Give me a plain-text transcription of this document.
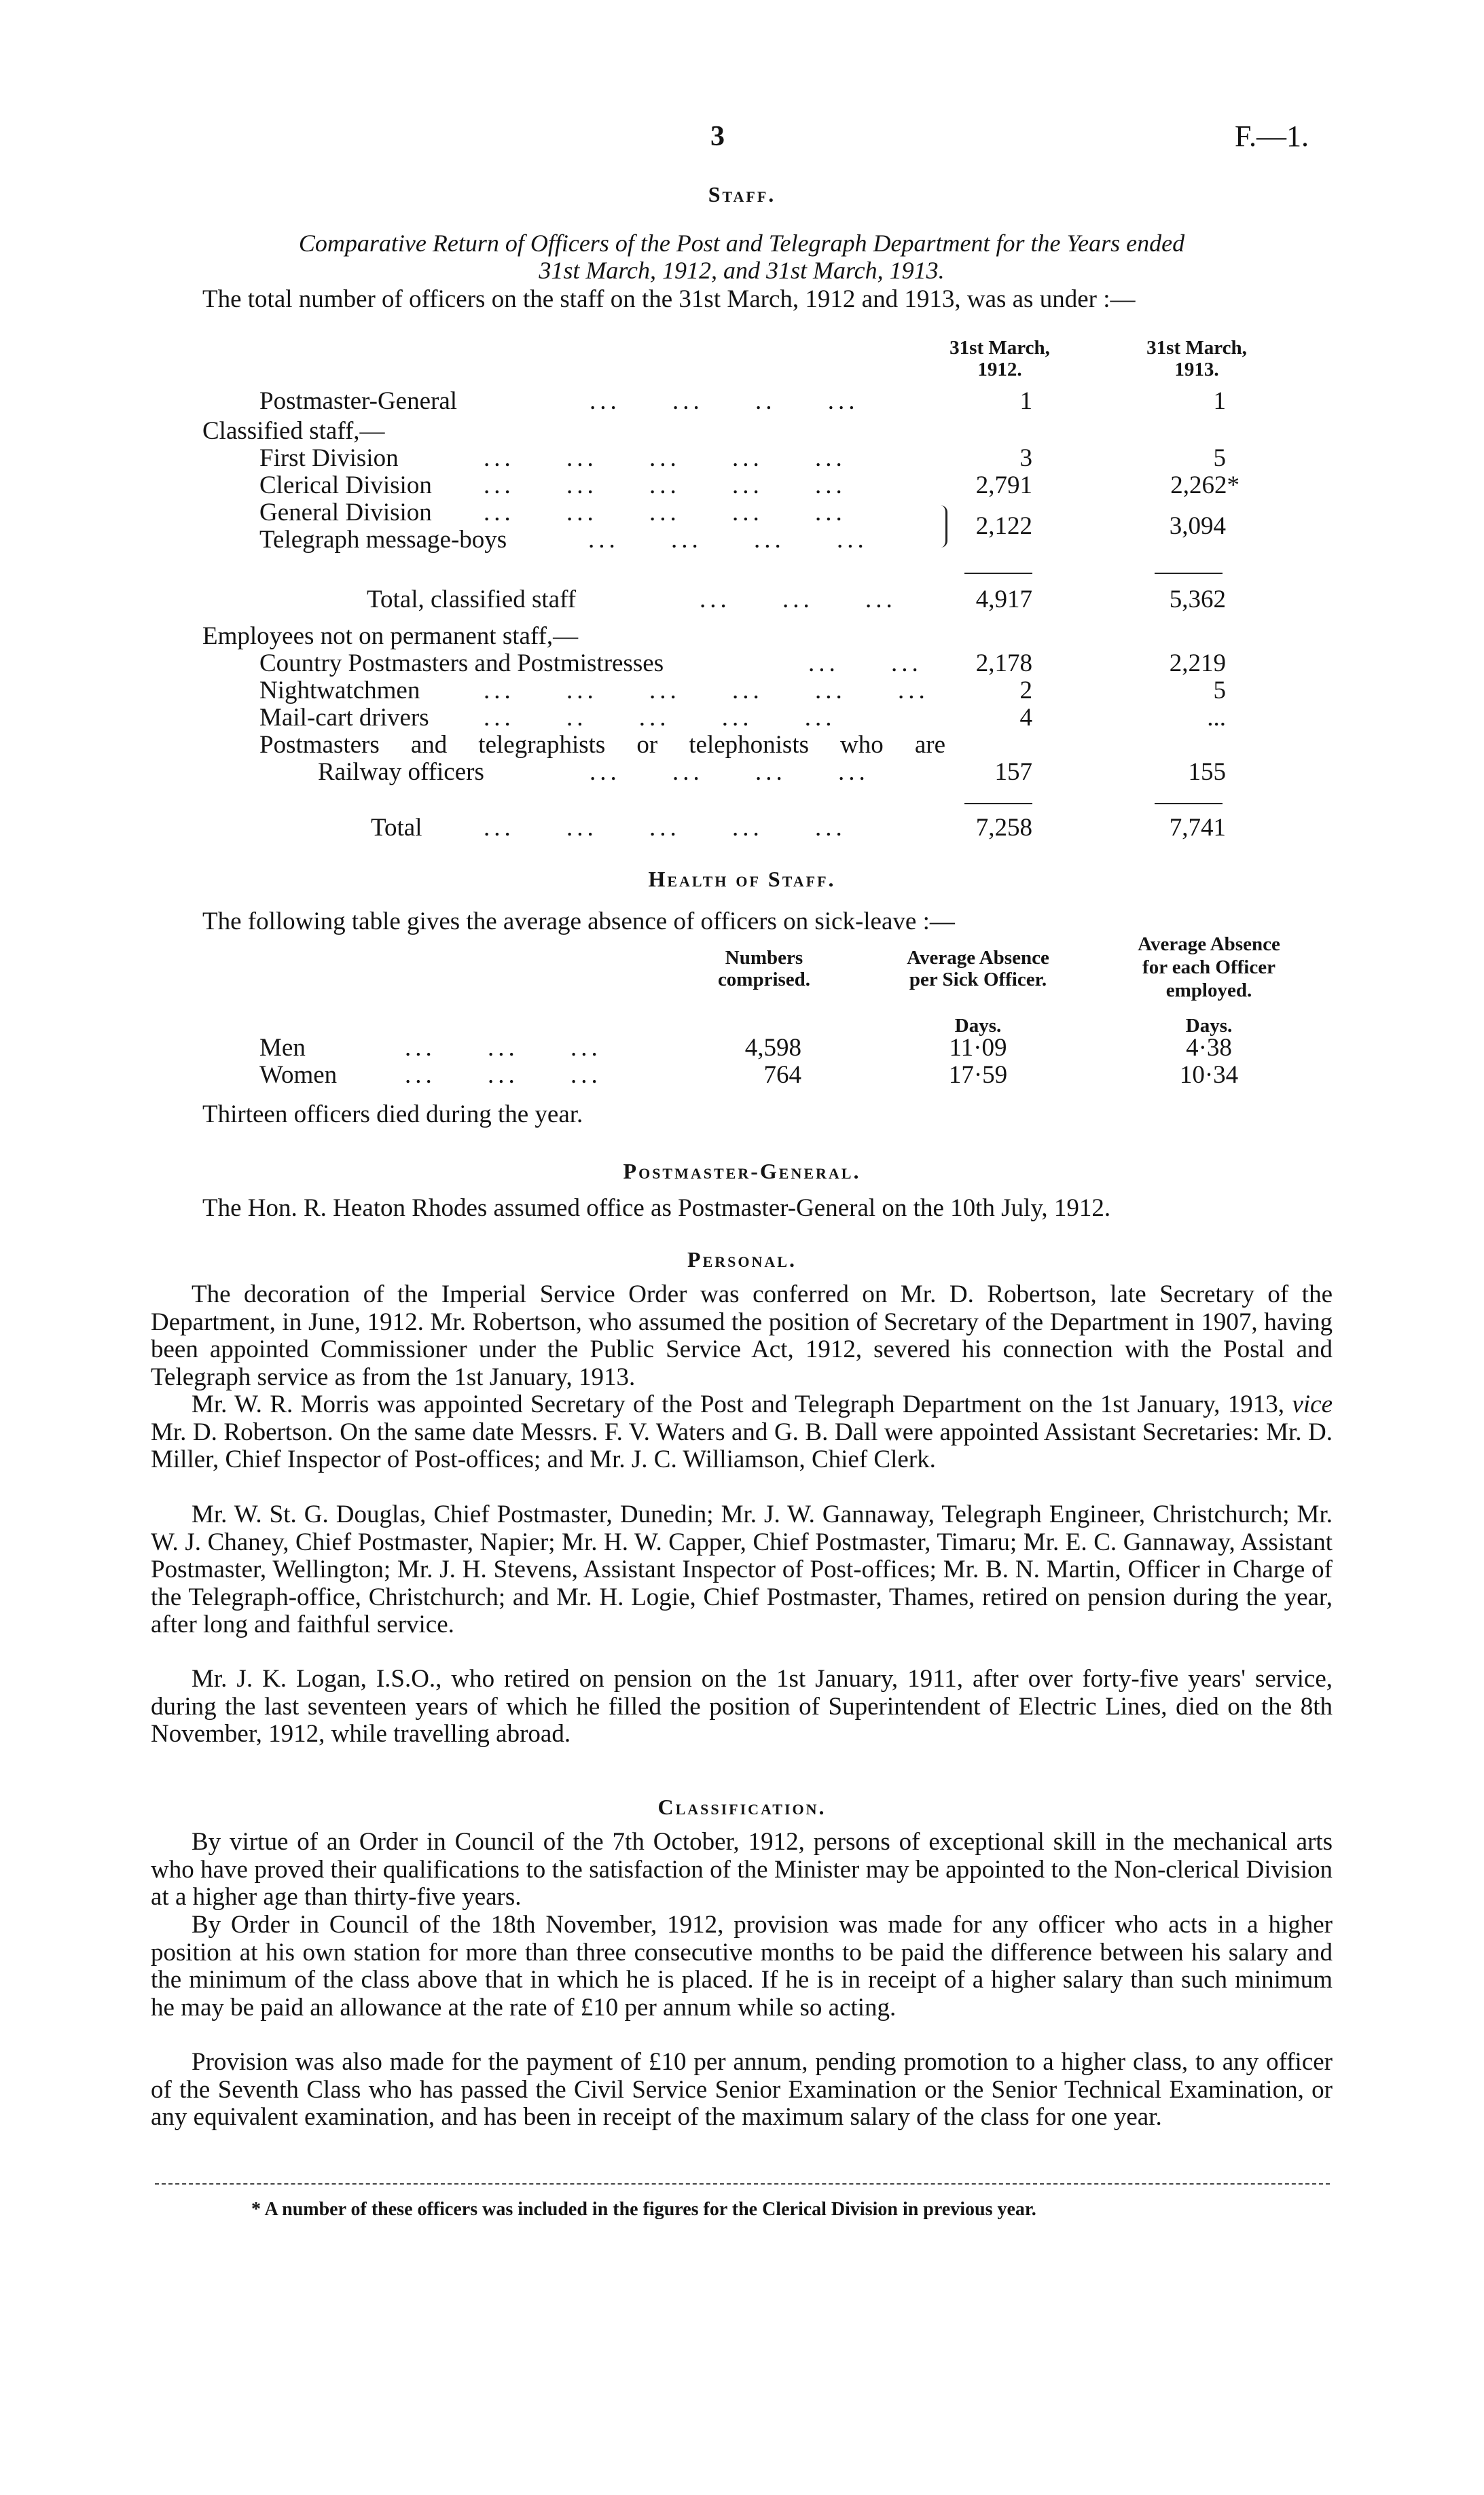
3	F.—1.
Staff.
Comparative Return of Officers of the Post and Telegraph Department for the Years ended
31st March, 1912, and 31st March, 1913.
The total number of officers on the staff on the 31st March, 1912 and 1913, was as under :—
31st March,
1912.
31st March,
1913.
Postmaster-General	...     ...     ..     ...	1	1
Classified staff,—
First Division	...     ...     ...     ...     ...	3	5
Clerical Division ...     ...     ...     ...     ...	2,791	2,262*
General Division ...     ...     ...     ...     ...	2,122	3,094
Telegraph message-boys	...     ...     ...     ...
Total, classified staff	...     ...     ...	4,917	5,362
Employees not on permanent staff,—
Country Postmasters and Postmistresses	...     ...	2,178	2,219
Nightwatchmen	...     ...     ...     ...     ...     ...	2	5
Mail-cart drivers ...     ..     ...     ...     ...	4	...
Postmasters and telegraphists or telephonists who are
Railway officers	...     ...     ...     ...	157	155
Total ...     ...     ...     ...     ...	7,258	7,741
Health of Staff.
The following table gives the average absence of officers on sick-leave :—
Numbers
comprised.
Average Absence
per Sick Officer.
Average Absence
for each Officer
employed.
Days.	Days.
Men	...     ...     ...	4,598	11·09	4·38
Women	...     ...     ...	764	17·59	10·34
Thirteen officers died during the year.
Postmaster-General.
The Hon. R. Heaton Rhodes assumed office as Postmaster-General on the 10th July, 1912.
Personal.
The decoration of the Imperial Service Order was conferred on Mr. D. Robertson, late Secretary of the Department, in June, 1912. Mr. Robertson, who assumed the position of Secretary of the Department in 1907, having been appointed Commissioner under the Public Service Act, 1912, severed his connection with the Postal and Telegraph service as from the 1st January, 1913.
Mr. W. R. Morris was appointed Secretary of the Post and Telegraph Department on the 1st January, 1913, vice Mr. D. Robertson. On the same date Messrs. F. V. Waters and G. B. Dall were appointed Assistant Secretaries: Mr. D. Miller, Chief Inspector of Post-offices; and Mr. J. C. Williamson, Chief Clerk.
Mr. W. St. G. Douglas, Chief Postmaster, Dunedin; Mr. J. W. Gannaway, Telegraph Engineer, Christchurch; Mr. W. J. Chaney, Chief Postmaster, Napier; Mr. H. W. Capper, Chief Postmaster, Timaru; Mr. E. C. Gannaway, Assistant Postmaster, Wellington; Mr. J. H. Stevens, Assistant Inspector of Post-offices; Mr. B. N. Martin, Officer in Charge of the Telegraph-office, Christchurch; and Mr. H. Logie, Chief Postmaster, Thames, retired on pension during the year, after long and faithful service.
Mr. J. K. Logan, I.S.O., who retired on pension on the 1st January, 1911, after over forty-five years' service, during the last seventeen years of which he filled the position of Superintendent of Electric Lines, died on the 8th November, 1912, while travelling abroad.
Classification.
By virtue of an Order in Council of the 7th October, 1912, persons of exceptional skill in the mechanical arts who have proved their qualifications to the satisfaction of the Minister may be appointed to the Non-clerical Division at a higher age than thirty-five years.
By Order in Council of the 18th November, 1912, provision was made for any officer who acts in a higher position at his own station for more than three consecutive months to be paid the difference between his salary and the minimum of the class above that in which he is placed. If he is in receipt of a higher salary than such minimum he may be paid an allowance at the rate of £10 per annum while so acting.
Provision was also made for the payment of £10 per annum, pending promotion to a higher class, to any officer of the Seventh Class who has passed the Civil Service Senior Examination or the Senior Technical Examination, or any equivalent examination, and has been in receipt of the maximum salary of the class for one year.
* A number of these officers was included in the figures for the Clerical Division in previous year.
